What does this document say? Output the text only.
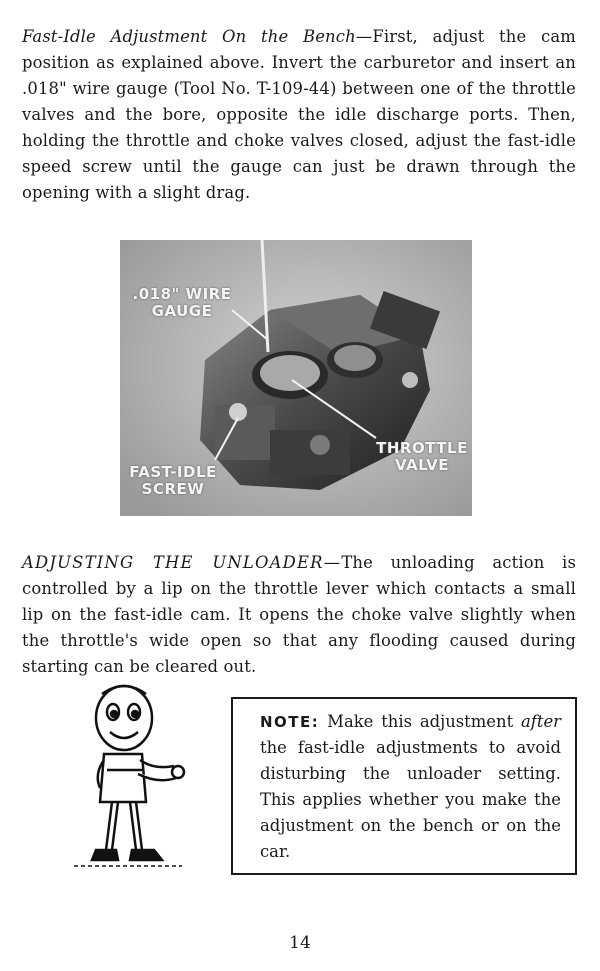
Fast-Idle Adjustment On the Bench—First, adjust the cam position as explained above. Invert the carburetor and insert an .018" wire gauge (Tool No. T-109-44) between one of the throttle valves and the bore, opposite the idle discharge ports. Then, holding the throttle and choke valves closed, adjust the fast-idle speed screw until the gauge can just be drawn through the opening with a slight drag.

.018" WIRE
GAUGE
THROTTLE
VALVE
FAST-IDLE
SCREW

ADJUSTING THE UNLOADER—The unloading action is controlled by a lip on the throttle lever which contacts a small lip on the fast-idle cam. It opens the choke valve slightly when the throttle's wide open so that any flooding caused during starting can be cleared out.

NOTE: Make this adjustment after the fast-idle adjustments to avoid disturbing the unloader setting. This applies whether you make the adjustment on the bench or on the car.
14
